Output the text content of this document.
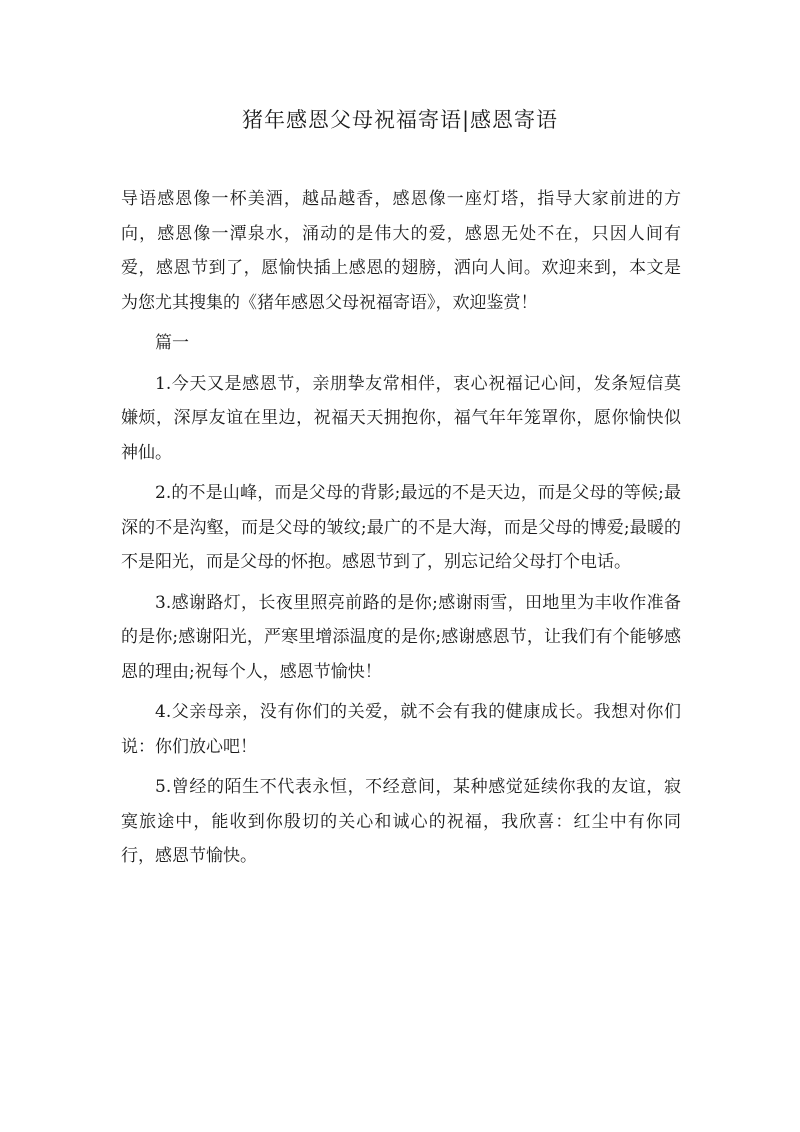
猪年感恩父母祝福寄语|感恩寄语

导语感恩像一杯美酒，越品越香，感恩像一座灯塔，指导大家前进的方向，感恩像一潭泉水，涌动的是伟大的爱，感恩无处不在，只因人间有爱，感恩节到了，愿愉快插上感恩的翅膀，洒向人间。欢迎来到，本文是为您尤其搜集的《猪年感恩父母祝福寄语》，欢迎鉴赏！

篇一

1.今天又是感恩节，亲朋挚友常相伴，衷心祝福记心间，发条短信莫嫌烦，深厚友谊在里边，祝福天天拥抱你，福气年年笼罩你，愿你愉快似神仙。

2.的不是山峰，而是父母的背影;最远的不是天边，而是父母的等候;最深的不是沟壑，而是父母的皱纹;最广的不是大海，而是父母的博爱;最暖的不是阳光，而是父母的怀抱。感恩节到了，别忘记给父母打个电话。

3.感谢路灯，长夜里照亮前路的是你;感谢雨雪，田地里为丰收作准备的是你;感谢阳光，严寒里增添温度的是你;感谢感恩节，让我们有个能够感恩的理由;祝每个人，感恩节愉快！

4.父亲母亲，没有你们的关爱，就不会有我的健康成长。我想对你们说：你们放心吧！

5.曾经的陌生不代表永恒，不经意间，某种感觉延续你我的友谊，寂寞旅途中，能收到你殷切的关心和诚心的祝福，我欣喜：红尘中有你同行，感恩节愉快。
